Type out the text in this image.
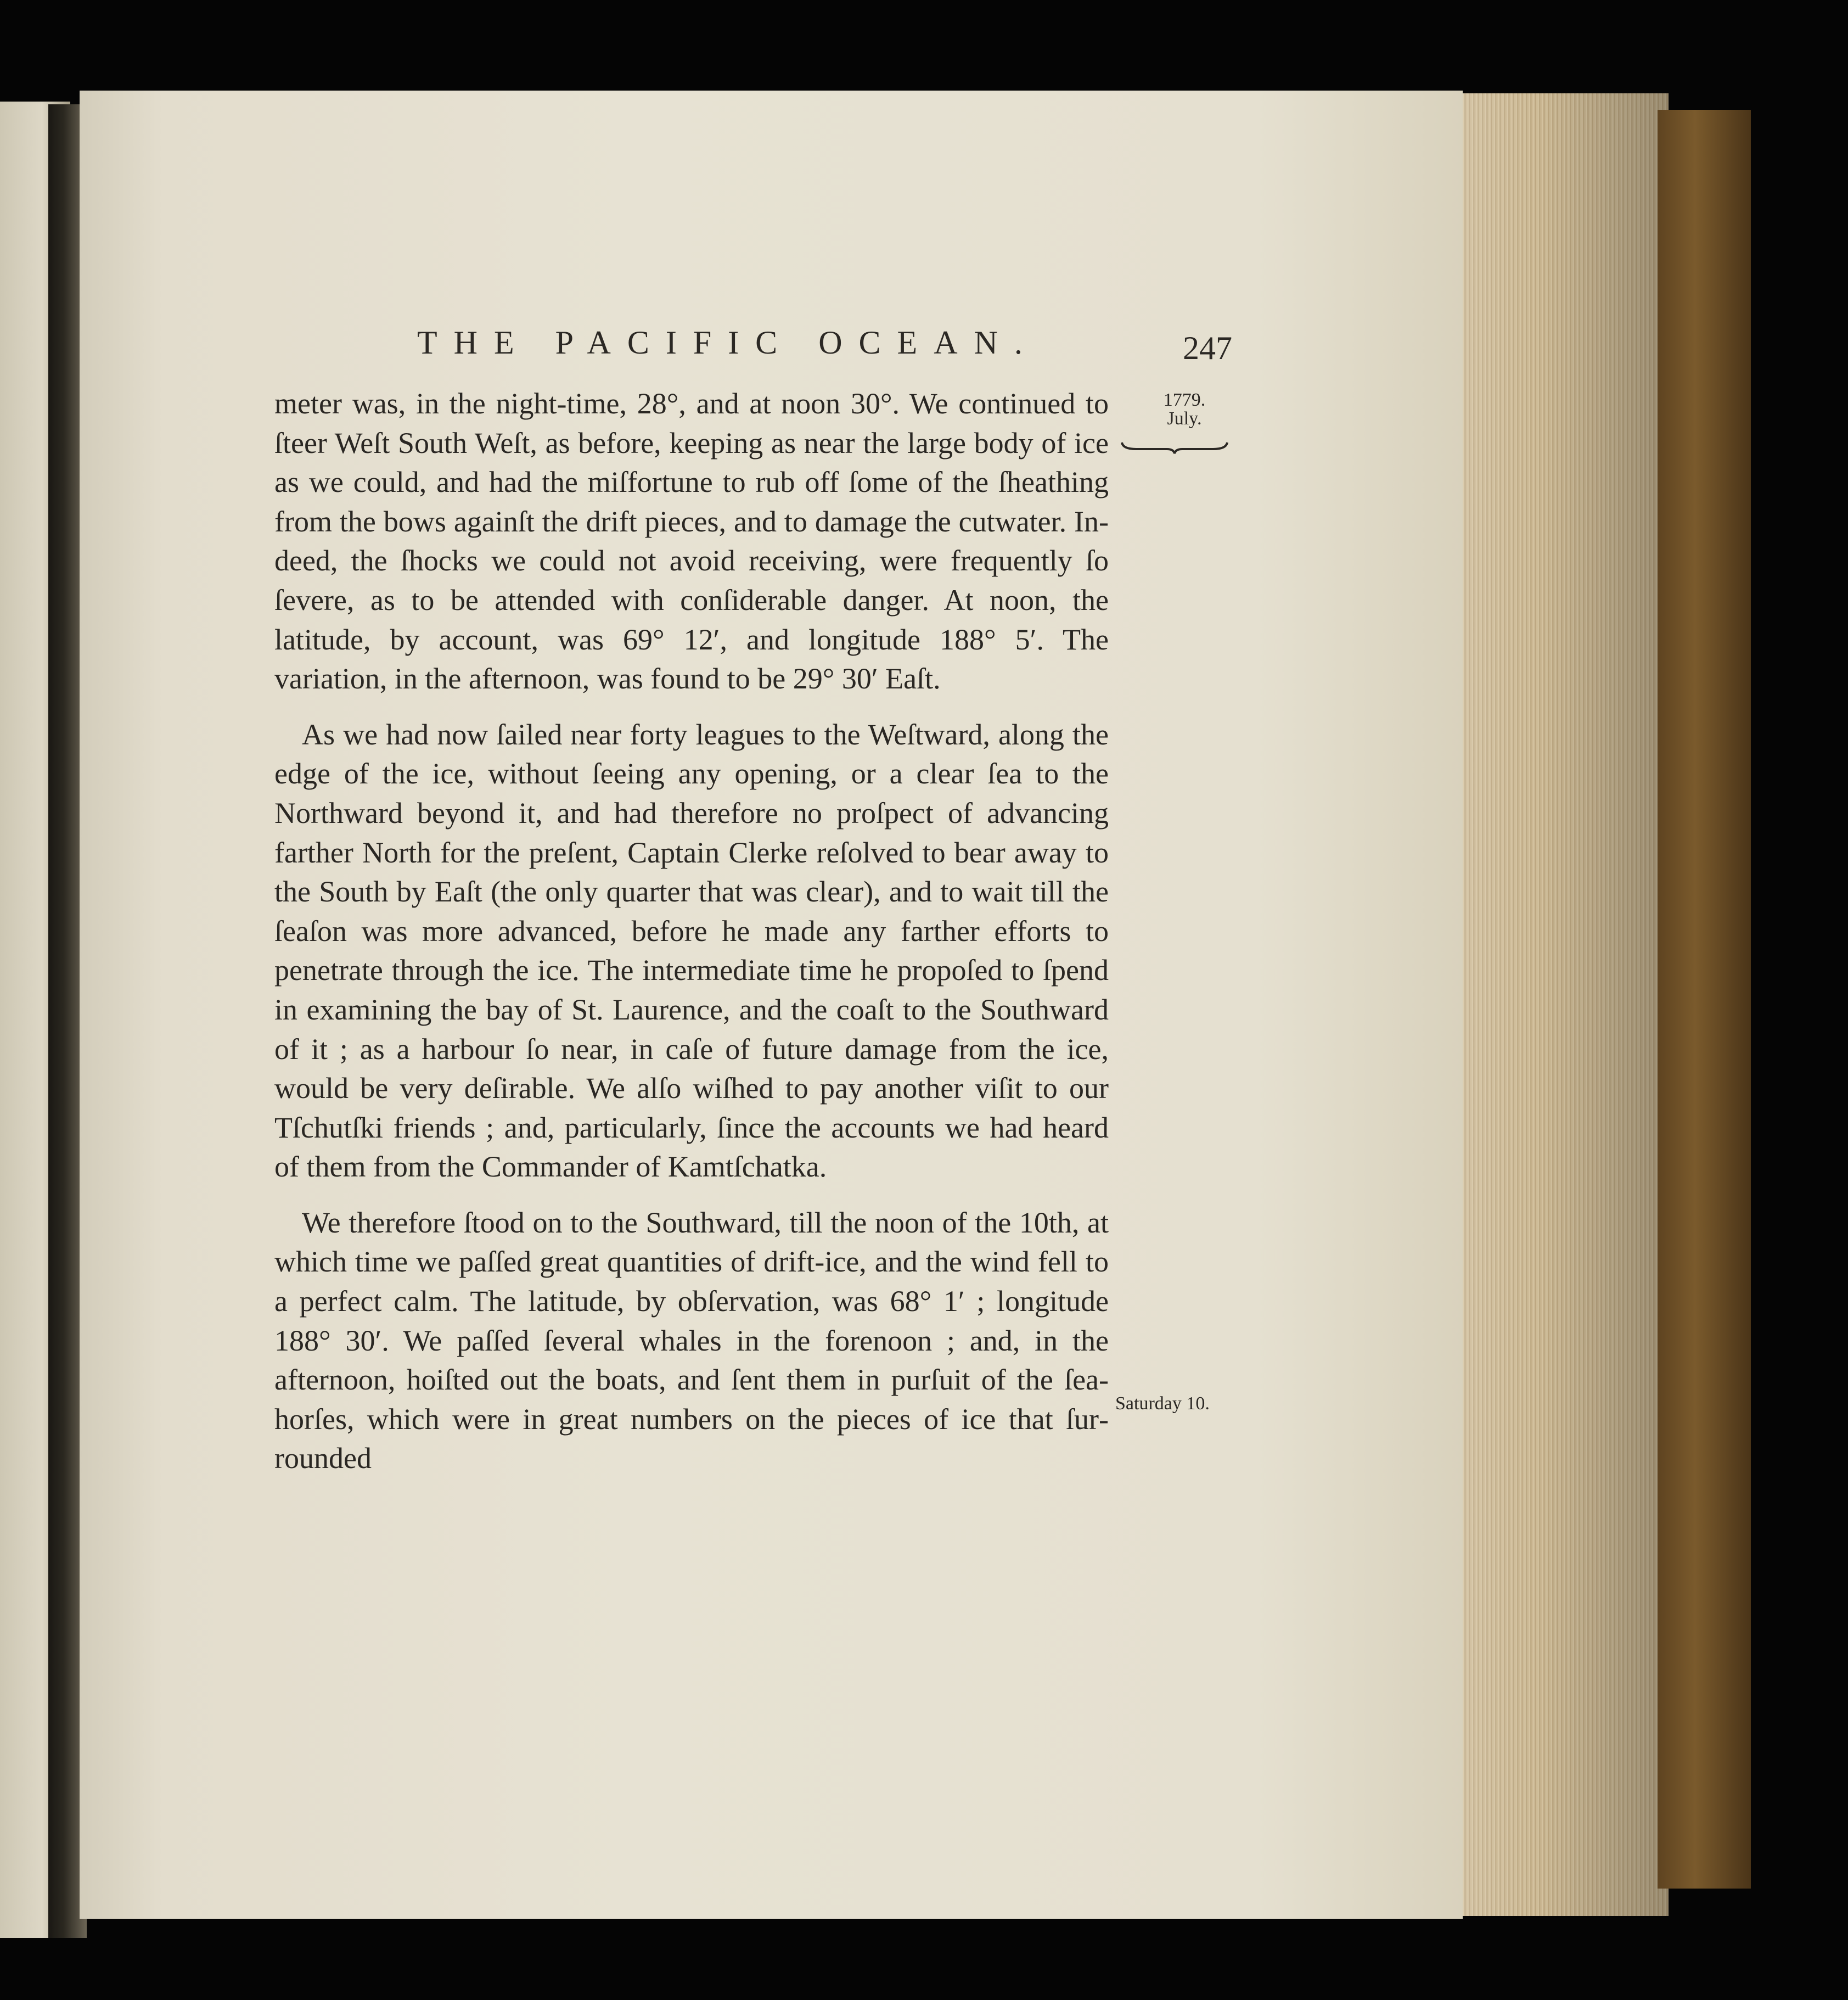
THE PACIFIC OCEAN.	247
1779.
July.
Saturday 10.

meter was, in the night-time, 28°, and at noon 30°. We continued to ſteer Weſt South Weſt, as before, keeping as near the large body of ice as we could, and had the miſfortune to rub off ſome of the ſheathing from the bows againſt the drift pieces, and to damage the cutwater. Indeed, the ſhocks we could not avoid receiving, were frequently ſo ſevere, as to be attended with conſiderable danger. At noon, the latitude, by account, was 69° 12′, and longitude 188° 5′. The variation, in the afternoon, was found to be 29° 30′ Eaſt.

As we had now ſailed near forty leagues to the Weſtward, along the edge of the ice, without ſeeing any opening, or a clear ſea to the Northward beyond it, and had therefore no proſpect of advancing farther North for the preſent, Captain Clerke reſolved to bear away to the South by Eaſt (the only quarter that was clear), and to wait till the ſeaſon was more advanced, before he made any farther efforts to penetrate through the ice. The intermediate time he propoſed to ſpend in examining the bay of St. Laurence, and the coaſt to the Southward of it ; as a harbour ſo near, in caſe of future damage from the ice, would be very deſirable. We alſo wiſhed to pay another viſit to our Tſchutſki friends ; and, particularly, ſince the accounts we had heard of them from the Commander of Kamtſchatka.

We therefore ſtood on to the Southward, till the noon of the 10th, at which time we paſſed great quantities of drift-ice, and the wind fell to a perfect calm. The latitude, by obſervation, was 68° 1′ ; longitude 188° 30′. We paſſed ſeveral whales in the forenoon ; and, in the afternoon, hoiſted out the boats, and ſent them in purſuit of the ſea-horſes, which were in great numbers on the pieces of ice that ſurrounded
